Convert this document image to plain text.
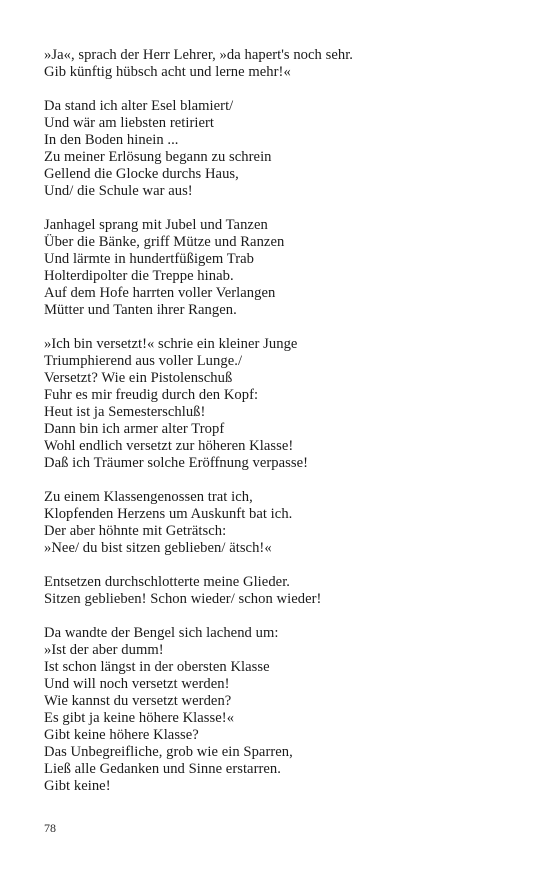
»Ja«, sprach der Herr Lehrer, »da hapert's noch sehr.
Gib künftig hübsch acht und lerne mehr!«
Da stand ich alter Esel blamiert/
Und wär am liebsten retiriert
In den Boden hinein ...
Zu meiner Erlösung begann zu schrein
Gellend die Glocke durchs Haus,
Und/ die Schule war aus!
Janhagel sprang mit Jubel und Tanzen
Über die Bänke, griff Mütze und Ranzen
Und lärmte in hundertfüßigem Trab
Holterdipolter die Treppe hinab.
Auf dem Hofe harrten voller Verlangen
Mütter und Tanten ihrer Rangen.
»Ich bin versetzt!« schrie ein kleiner Junge
Triumphierend aus voller Lunge./
Versetzt? Wie ein Pistolenschuß
Fuhr es mir freudig durch den Kopf:
Heut ist ja Semesterschluß!
Dann bin ich armer alter Tropf
Wohl endlich versetzt zur höheren Klasse!
Daß ich Träumer solche Eröffnung verpasse!
Zu einem Klassengenossen trat ich,
Klopfenden Herzens um Auskunft bat ich.
Der aber höhnte mit Geträtsch:
»Nee/ du bist sitzen geblieben/ ätsch!«
Entsetzen durchschlotterte meine Glieder.
Sitzen geblieben! Schon wieder/ schon wieder!
Da wandte der Bengel sich lachend um:
»Ist der aber dumm!
Ist schon längst in der obersten Klasse
Und will noch versetzt werden!
Wie kannst du versetzt werden?
Es gibt ja keine höhere Klasse!«
Gibt keine höhere Klasse?
Das Unbegreifliche, grob wie ein Sparren,
Ließ alle Gedanken und Sinne erstarren.
Gibt keine!
78
